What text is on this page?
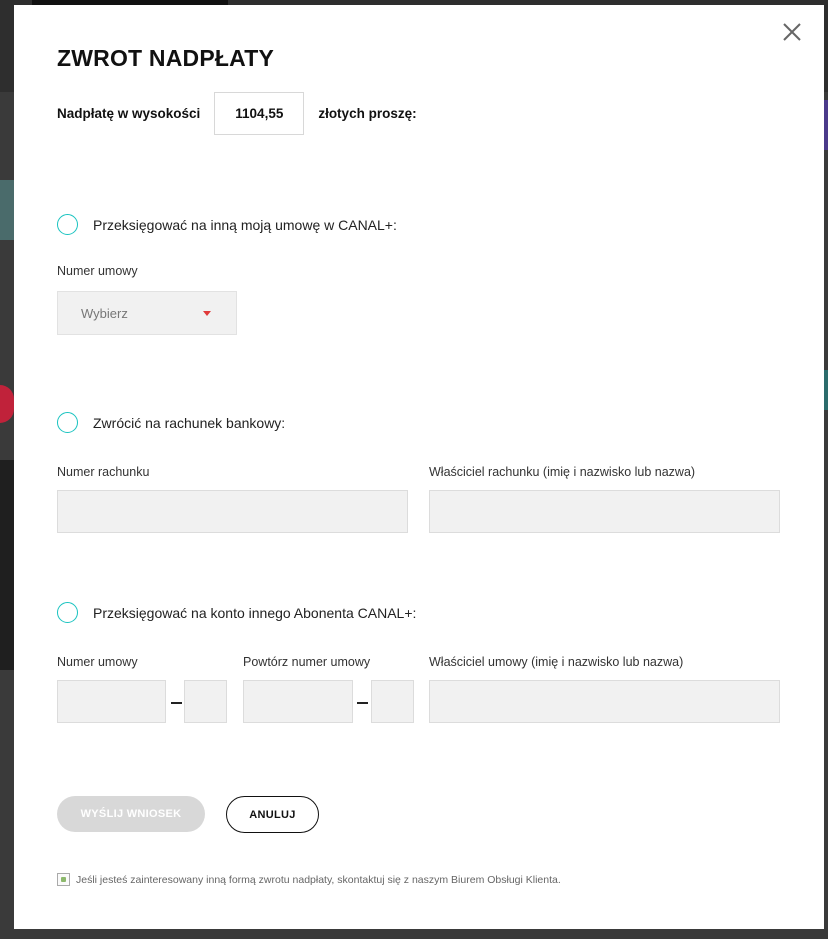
ZWROT NADPŁATY
Nadpłatę w wysokości	1104,55	złotych proszę:
Przeksięgować na inną moją umowę w CANAL+:
Numer umowy
Wybierz
Zwrócić na rachunek bankowy:
Numer rachunku	Właściciel rachunku (imię i nazwisko lub nazwa)
Przeksięgować na konto innego Abonenta CANAL+:
Numer umowy	Powtórz numer umowy	Właściciel umowy (imię i nazwisko lub nazwa)
WYŚLIJ WNIOSEK	ANULUJ
Jeśli jesteś zainteresowany inną formą zwrotu nadpłaty, skontaktuj się z naszym Biurem Obsługi Klienta.
